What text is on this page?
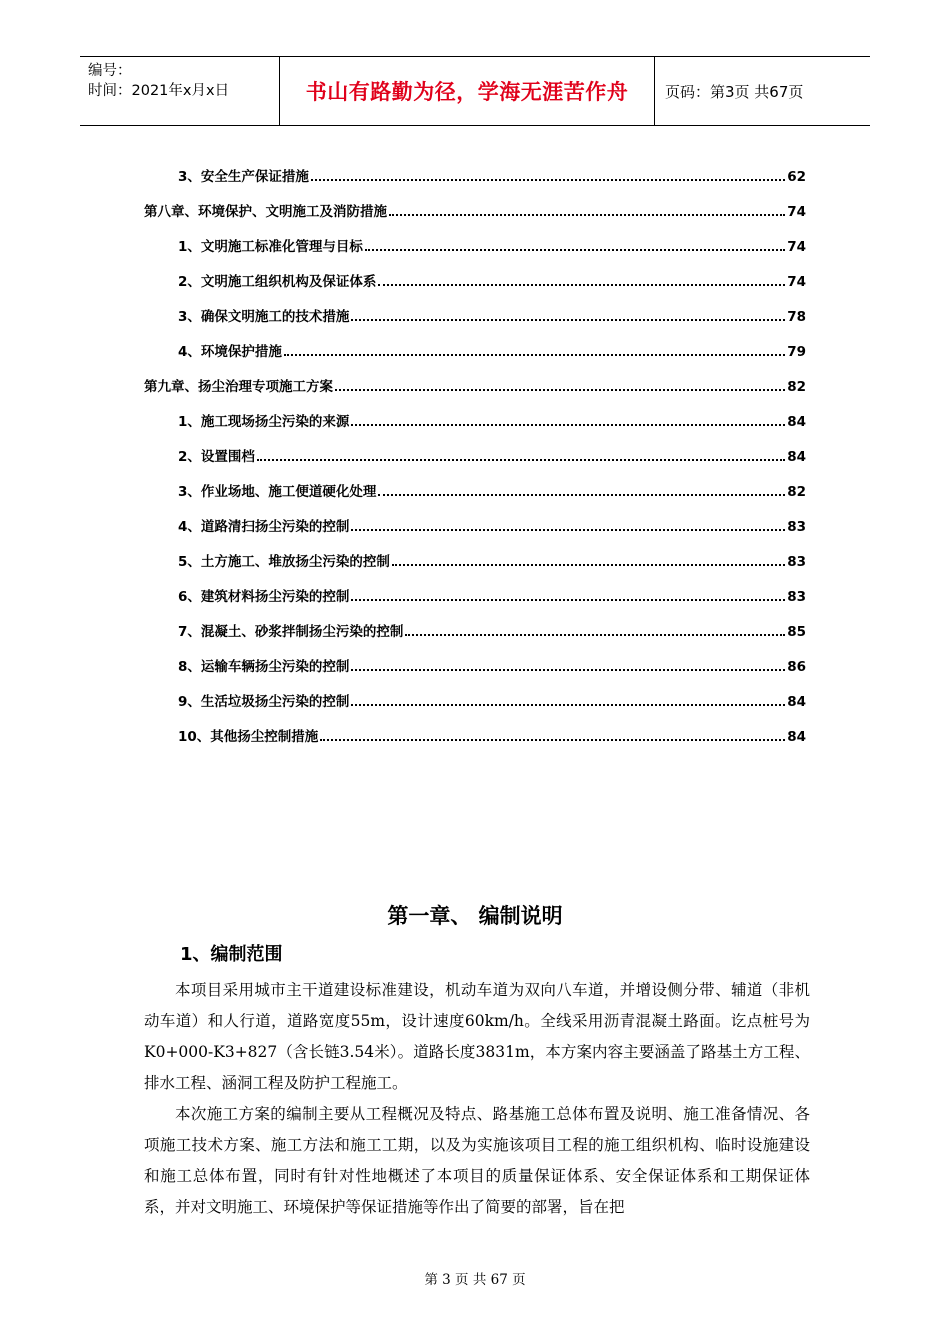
编号：
时间：2021年x月x日	书山有路勤为径，学海无涯苦作舟	页码：第3页 共67页
3、安全生产保证措施	62
第八章、环境保护、文明施工及消防措施	74
1、文明施工标准化管理与目标	74
2、文明施工组织机构及保证体系	74
3、确保文明施工的技术措施	78
4、环境保护措施	79
第九章、扬尘治理专项施工方案	82
1、施工现场扬尘污染的来源	84
2、设置围档	84
3、作业场地、施工便道硬化处理	82
4、道路清扫扬尘污染的控制	83
5、土方施工、堆放扬尘污染的控制	83
6、建筑材料扬尘污染的控制	83
7、混凝土、砂浆拌制扬尘污染的控制	85
8、运输车辆扬尘污染的控制	86
9、生活垃圾扬尘污染的控制	84
10、其他扬尘控制措施	84
第一章、 编制说明
1、编制范围

本项目采用城市主干道建设标准建设，机动车道为双向八车道，并增设侧分带、辅道（非机动车道）和人行道，道路宽度55m，设计速度60km/h。全线采用沥青混凝土路面。讫点桩号为K0+000-K3+827（含长链3.54米）。道路长度3831m，本方案内容主要涵盖了路基土方工程、排水工程、涵洞工程及防护工程施工。

本次施工方案的编制主要从工程概况及特点、路基施工总体布置及说明、施工准备情况、各项施工技术方案、施工方法和施工工期，以及为实施该项目工程的施工组织机构、临时设施建设和施工总体布置，同时有针对性地概述了本项目的质量保证体系、安全保证体系和工期保证体系，并对文明施工、环境保护等保证措施等作出了简要的部署，旨在把

第 3 页 共 67 页
